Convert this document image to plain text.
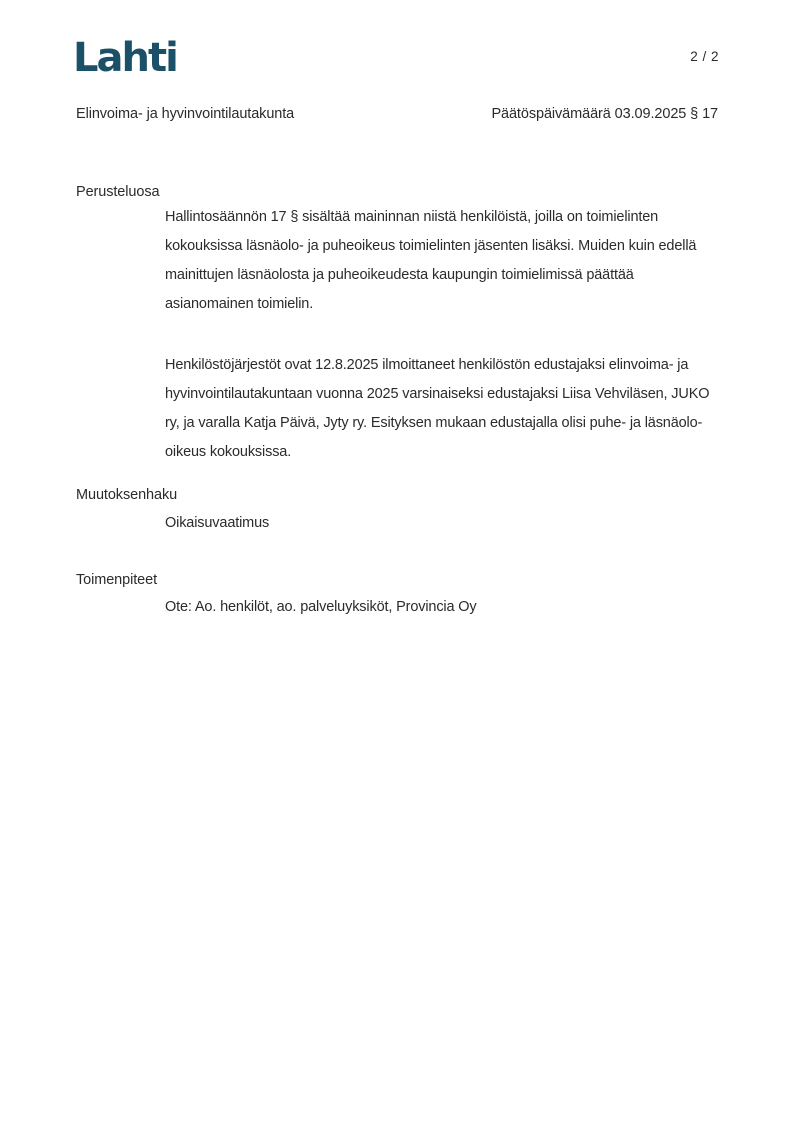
Lahti	2 / 2
Elinvoima- ja hyvinvointilautakunta	Päätöspäivämäärä 03.09.2025 § 17
Perusteluosa
Hallintosäännön 17 § sisältää maininnan niistä henkilöistä, joilla on toimielinten kokouksissa läsnäolo- ja puheoikeus toimielinten jäsenten lisäksi. Muiden kuin edellä mainittujen läsnäolosta ja puheoikeudesta kaupungin toimielimissä päättää asianomainen toimielin.
Henkilöstöjärjestöt ovat 12.8.2025 ilmoittaneet henkilöstön edustajaksi elinvoima- ja hyvinvointilautakuntaan vuonna 2025 varsinaiseksi edustajaksi Liisa Vehviläsen, JUKO ry, ja varalla Katja Päivä, Jyty ry. Esityksen mukaan edustajalla olisi puhe- ja läsnäolo-oikeus kokouksissa.
Muutoksenhaku
Oikaisuvaatimus
Toimenpiteet
Ote: Ao. henkilöt, ao. palveluyksiköt, Provincia Oy
